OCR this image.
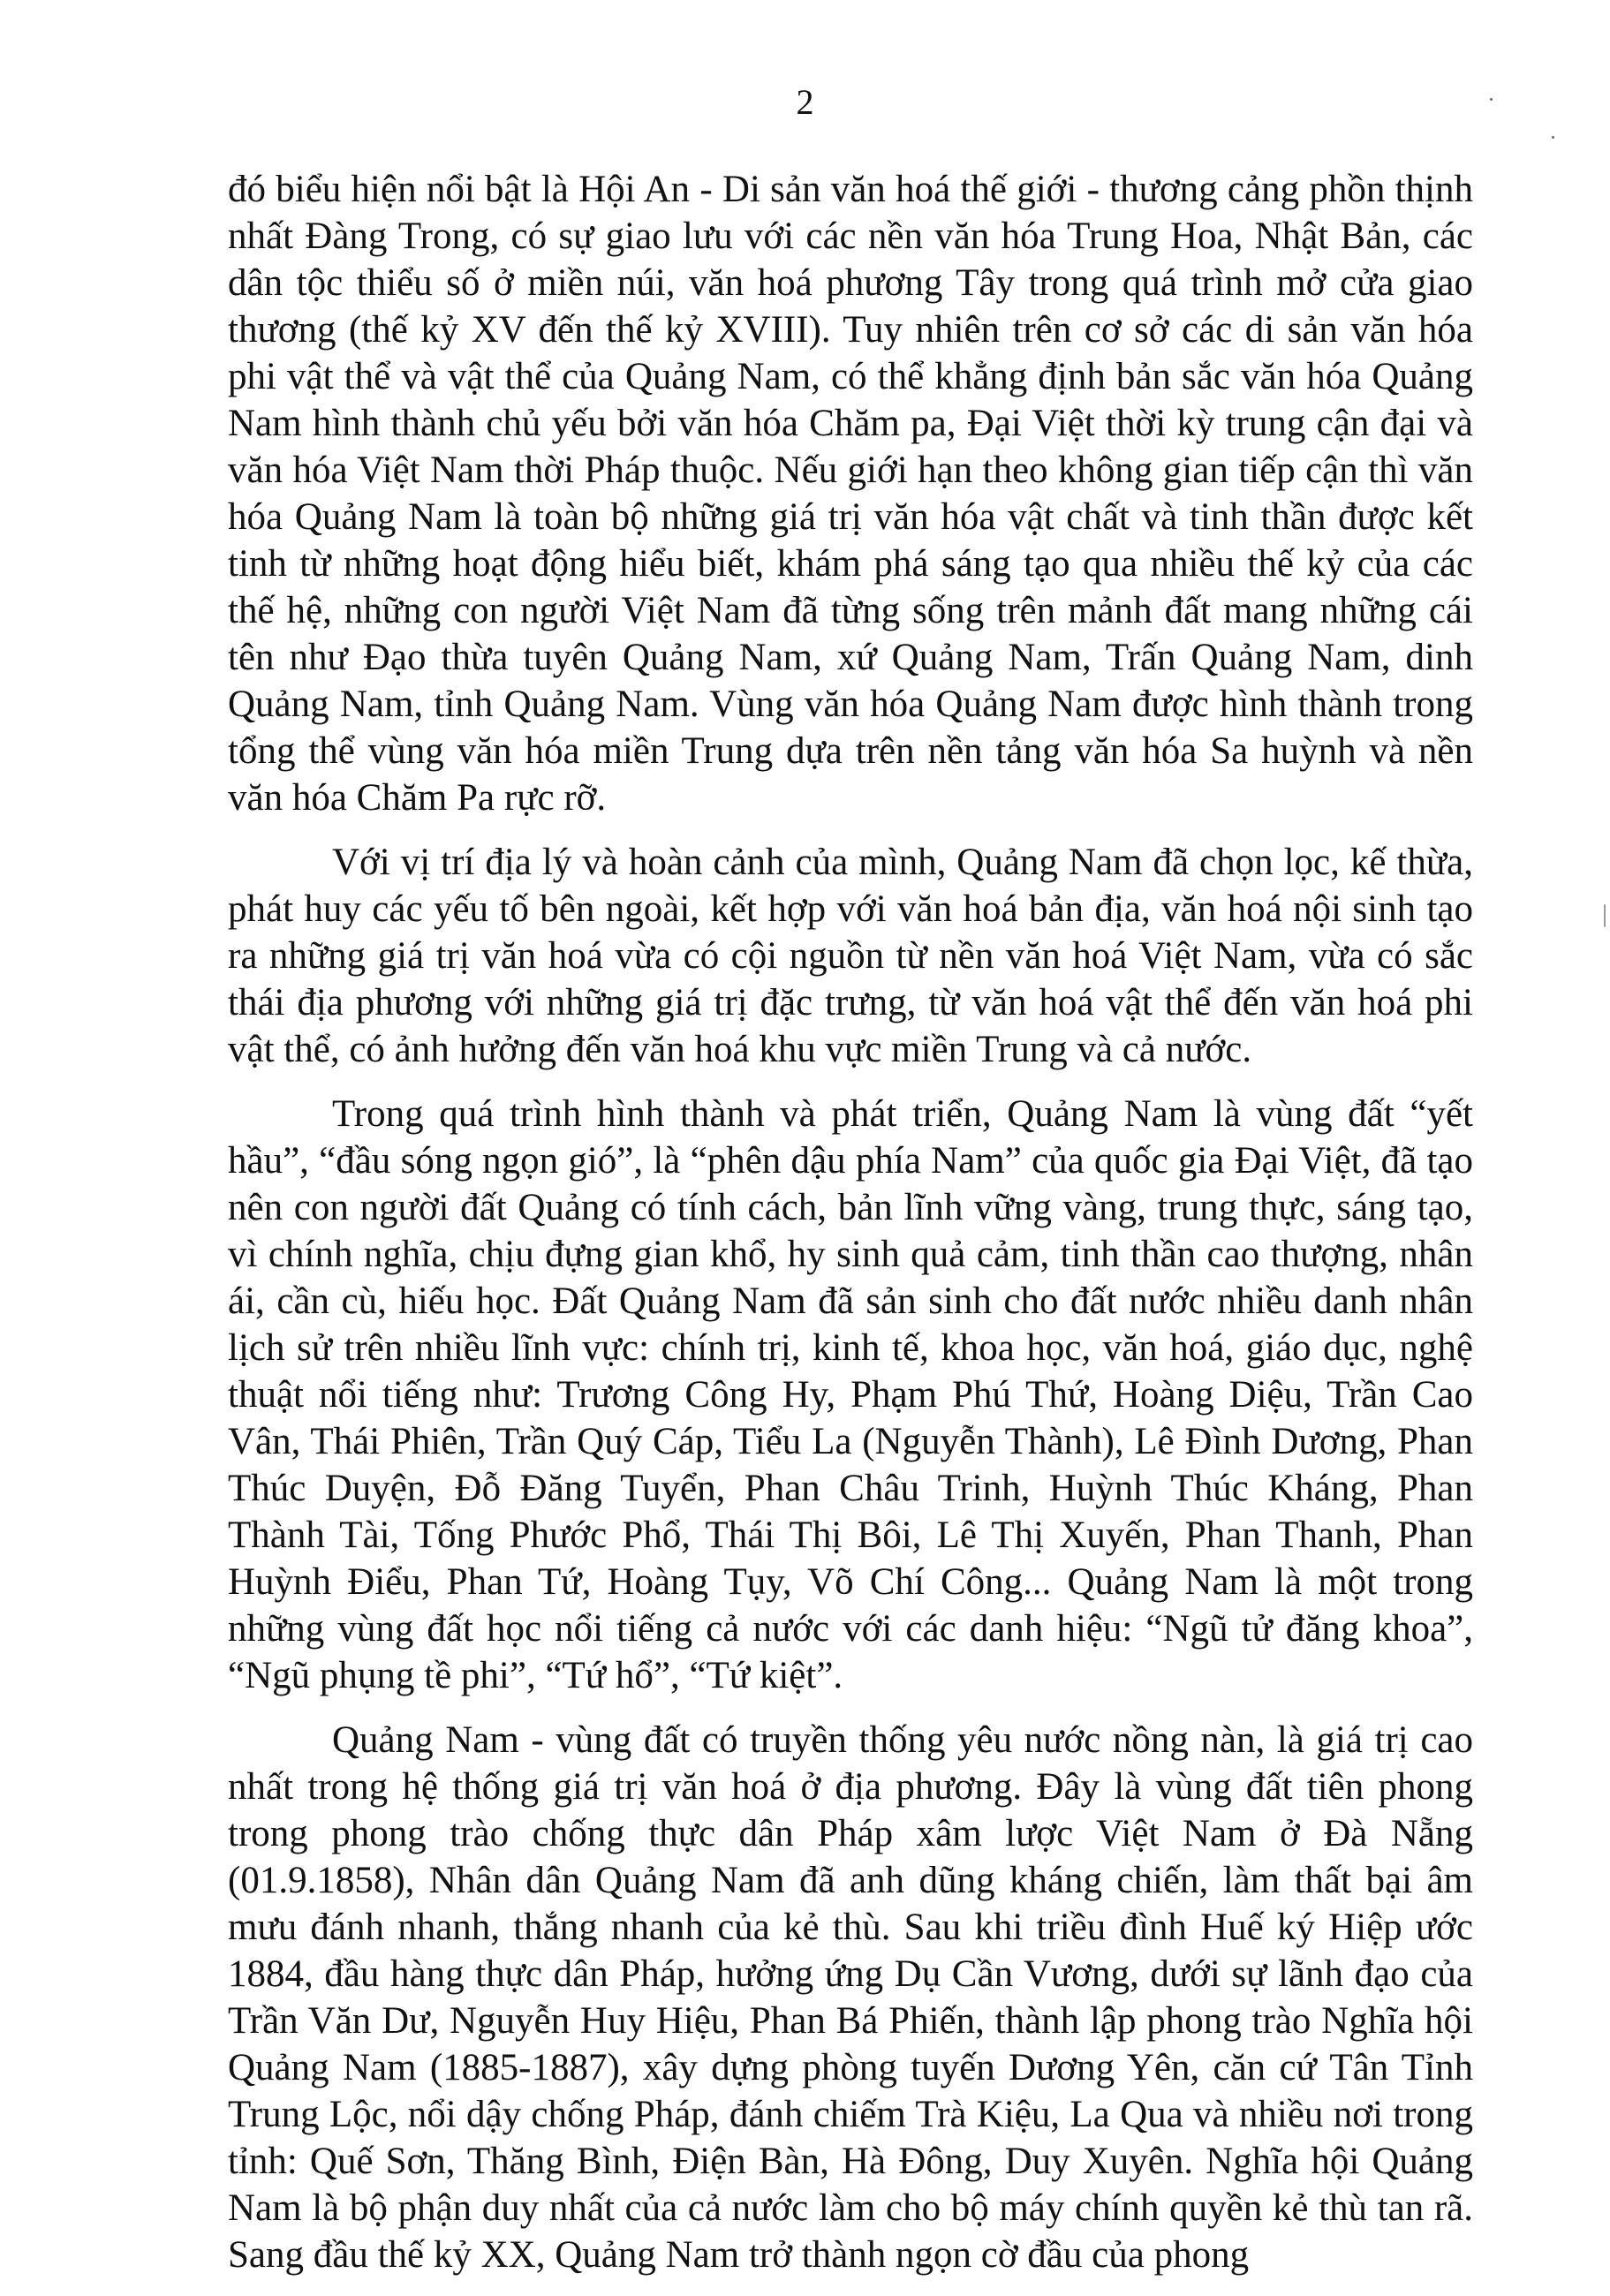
2

đó biểu hiện nổi bật là Hội An - Di sản văn hoá thế giới - thương cảng phồn thịnh nhất Đàng Trong, có sự giao lưu với các nền văn hóa Trung Hoa, Nhật Bản, các dân tộc thiểu số ở miền núi, văn hoá phương Tây trong quá trình mở cửa giao thương (thế kỷ XV đến thế kỷ XVIII). Tuy nhiên trên cơ sở các di sản văn hóa phi vật thể và vật thể của Quảng Nam, có thể khẳng định bản sắc văn hóa Quảng Nam hình thành chủ yếu bởi văn hóa Chăm pa, Đại Việt thời kỳ trung cận đại và văn hóa Việt Nam thời Pháp thuộc. Nếu giới hạn theo không gian tiếp cận thì văn hóa Quảng Nam là toàn bộ những giá trị văn hóa vật chất và tinh thần được kết tinh từ những hoạt động hiểu biết, khám phá sáng tạo qua nhiều thế kỷ của các thế hệ, những con người Việt Nam đã từng sống trên mảnh đất mang những cái tên như Đạo thừa tuyên Quảng Nam, xứ Quảng Nam, Trấn Quảng Nam, dinh Quảng Nam, tỉnh Quảng Nam. Vùng văn hóa Quảng Nam được hình thành trong tổng thể vùng văn hóa miền Trung dựa trên nền tảng văn hóa Sa huỳnh và nền văn hóa Chăm Pa rực rỡ.

Với vị trí địa lý và hoàn cảnh của mình, Quảng Nam đã chọn lọc, kế thừa, phát huy các yếu tố bên ngoài, kết hợp với văn hoá bản địa, văn hoá nội sinh tạo ra những giá trị văn hoá vừa có cội nguồn từ nền văn hoá Việt Nam, vừa có sắc thái địa phương với những giá trị đặc trưng, từ văn hoá vật thể đến văn hoá phi vật thể, có ảnh hưởng đến văn hoá khu vực miền Trung và cả nước.

Trong quá trình hình thành và phát triển, Quảng Nam là vùng đất “yết hầu”, “đầu sóng ngọn gió”, là “phên dậu phía Nam” của quốc gia Đại Việt, đã tạo nên con người đất Quảng có tính cách, bản lĩnh vững vàng, trung thực, sáng tạo, vì chính nghĩa, chịu đựng gian khổ, hy sinh quả cảm, tinh thần cao thượng, nhân ái, cần cù, hiếu học. Đất Quảng Nam đã sản sinh cho đất nước nhiều danh nhân lịch sử trên nhiều lĩnh vực: chính trị, kinh tế, khoa học, văn hoá, giáo dục, nghệ thuật nổi tiếng như: Trương Công Hy, Phạm Phú Thứ, Hoàng Diệu, Trần Cao Vân, Thái Phiên, Trần Quý Cáp, Tiểu La (Nguyễn Thành), Lê Đình Dương, Phan Thúc Duyện, Đỗ Đăng Tuyển, Phan Châu Trinh, Huỳnh Thúc Kháng, Phan Thành Tài, Tống Phước Phổ, Thái Thị Bôi, Lê Thị Xuyến, Phan Thanh, Phan Huỳnh Điểu, Phan Tứ, Hoàng Tụy, Võ Chí Công... Quảng Nam là một trong những vùng đất học nổi tiếng cả nước với các danh hiệu: “Ngũ tử đăng khoa”, “Ngũ phụng tề phi”, “Tứ hổ”, “Tứ kiệt”.

Quảng Nam - vùng đất có truyền thống yêu nước nồng nàn, là giá trị cao nhất trong hệ thống giá trị văn hoá ở địa phương. Đây là vùng đất tiên phong trong phong trào chống thực dân Pháp xâm lược Việt Nam ở Đà Nẵng (01.9.1858), Nhân dân Quảng Nam đã anh dũng kháng chiến, làm thất bại âm mưu đánh nhanh, thắng nhanh của kẻ thù. Sau khi triều đình Huế ký Hiệp ước 1884, đầu hàng thực dân Pháp, hưởng ứng Dụ Cần Vương, dưới sự lãnh đạo của Trần Văn Dư, Nguyễn Huy Hiệu, Phan Bá Phiến, thành lập phong trào Nghĩa hội Quảng Nam (1885-1887), xây dựng phòng tuyến Dương Yên, căn cứ Tân Tỉnh Trung Lộc, nổi dậy chống Pháp, đánh chiếm Trà Kiệu, La Qua và nhiều nơi trong tỉnh: Quế Sơn, Thăng Bình, Điện Bàn, Hà Đông, Duy Xuyên. Nghĩa hội Quảng Nam là bộ phận duy nhất của cả nước làm cho bộ máy chính quyền kẻ thù tan rã. Sang đầu thế kỷ XX, Quảng Nam trở thành ngọn cờ đầu của phong
